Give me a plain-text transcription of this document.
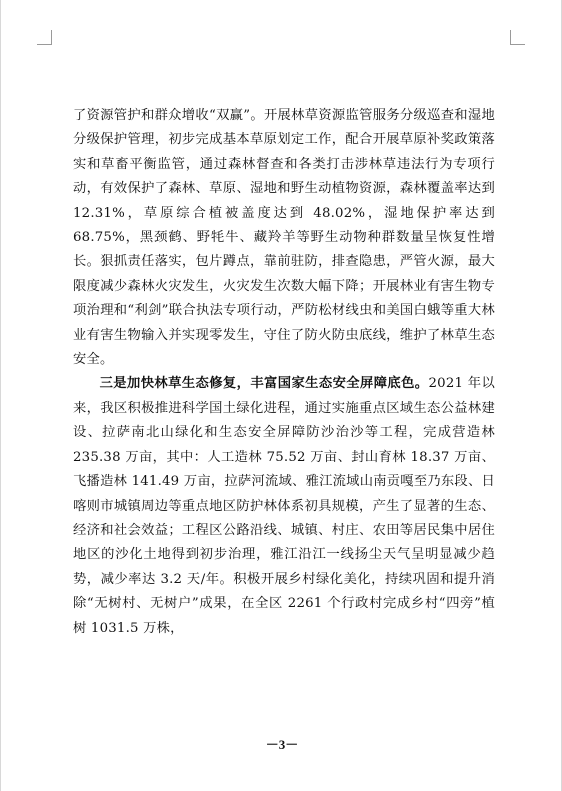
了资源管护和群众增收“双赢”。开展林草资源监管服务分级巡查和湿地分级保护管理，初步完成基本草原划定工作，配合开展草原补奖政策落实和草畜平衡监管，通过森林督查和各类打击涉林草违法行为专项行动，有效保护了森林、草原、湿地和野生动植物资源，森林覆盖率达到 12.31%，草原综合植被盖度达到 48.02%，湿地保护率达到 68.75%，黑颈鹤、野牦牛、藏羚羊等野生动物种群数量呈恢复性增长。狠抓责任落实，包片蹲点，靠前驻防，排查隐患，严管火源，最大限度减少森林火灾发生，火灾发生次数大幅下降；开展林业有害生物专项治理和“利剑”联合执法专项行动，严防松材线虫和美国白蛾等重大林业有害生物输入并实现零发生，守住了防火防虫底线，维护了林草生态安全。

三是加快林草生态修复，丰富国家生态安全屏障底色。2021 年以来，我区积极推进科学国土绿化进程，通过实施重点区域生态公益林建设、拉萨南北山绿化和生态安全屏障防沙治沙等工程，完成营造林 235.38 万亩，其中：人工造林 75.52 万亩、封山育林 18.37 万亩、飞播造林 141.49 万亩，拉萨河流域、雅江流域山南贡嘎至乃东段、日喀则市城镇周边等重点地区防护林体系初具规模，产生了显著的生态、经济和社会效益；工程区公路沿线、城镇、村庄、农田等居民集中居住地区的沙化土地得到初步治理，雅江沿江一线扬尘天气呈明显减少趋势，减少率达 3.2 天/年。积极开展乡村绿化美化，持续巩固和提升消除“无树村、无树户”成果，在全区 2261 个行政村完成乡村“四旁”植树 1031.5 万株，

－3－
